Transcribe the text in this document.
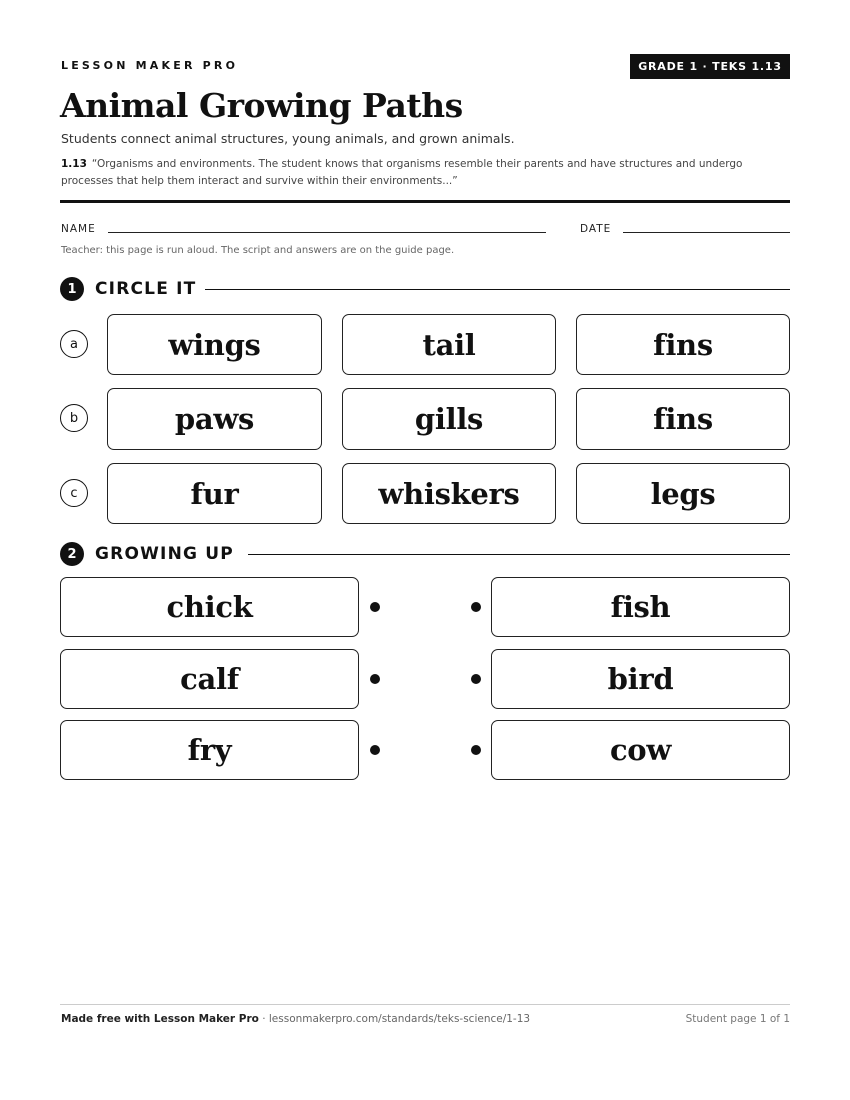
LESSON MAKER PRO	GRADE 1 · TEKS 1.13
Animal Growing Paths
Students connect animal structures, young animals, and grown animals.
1.13 “Organisms and environments. The student knows that organisms resemble their parents and have structures and undergo processes that help them interact and survive within their environments...”
NAME	DATE
Teacher: this page is run aloud. The script and answers are on the guide page.
1	CIRCLE IT
a	wings	tail	fins
b	paws	gills	fins
c	fur	whiskers	legs
2	GROWING UP
chick	fish
calf	bird
fry	cow
Made free with Lesson Maker Pro · lessonmakerpro.com/standards/teks-science/1-13	Student page 1 of 1
